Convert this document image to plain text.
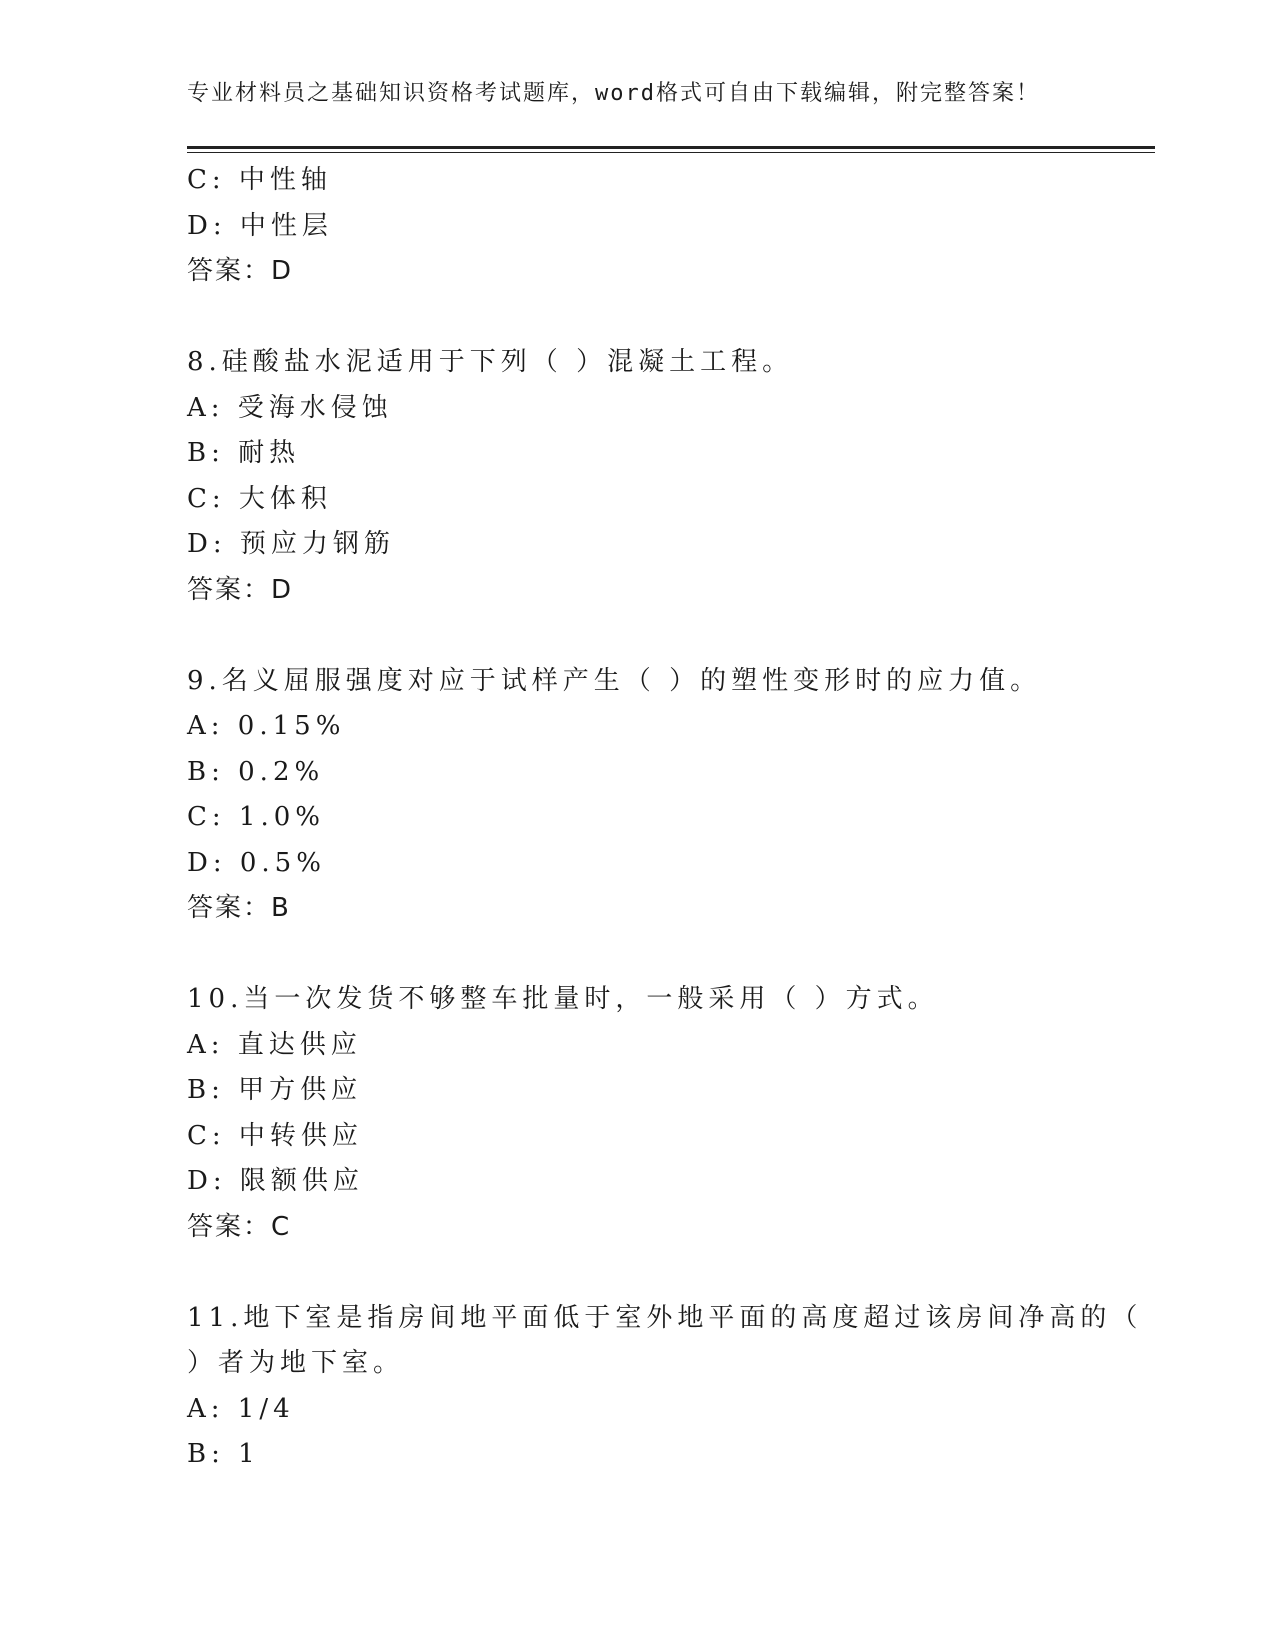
专业材料员之基础知识资格考试题库，word格式可自由下载编辑，附完整答案！
C: 中性轴
D: 中性层
答案：D
8.硅酸盐水泥适用于下列（ ）混凝土工程。
A: 受海水侵蚀
B: 耐热
C: 大体积
D: 预应力钢筋
答案：D
9.名义屈服强度对应于试样产生（ ）的塑性变形时的应力值。
A: 0.15%
B: 0.2%
C: 1.0%
D: 0.5%
答案：B
10.当一次发货不够整车批量时，一般采用（ ）方式。
A: 直达供应
B: 甲方供应
C: 中转供应
D: 限额供应
答案：C
11.地下室是指房间地平面低于室外地平面的高度超过该房间净高的（
）者为地下室。
A: 1/4
B: 1
